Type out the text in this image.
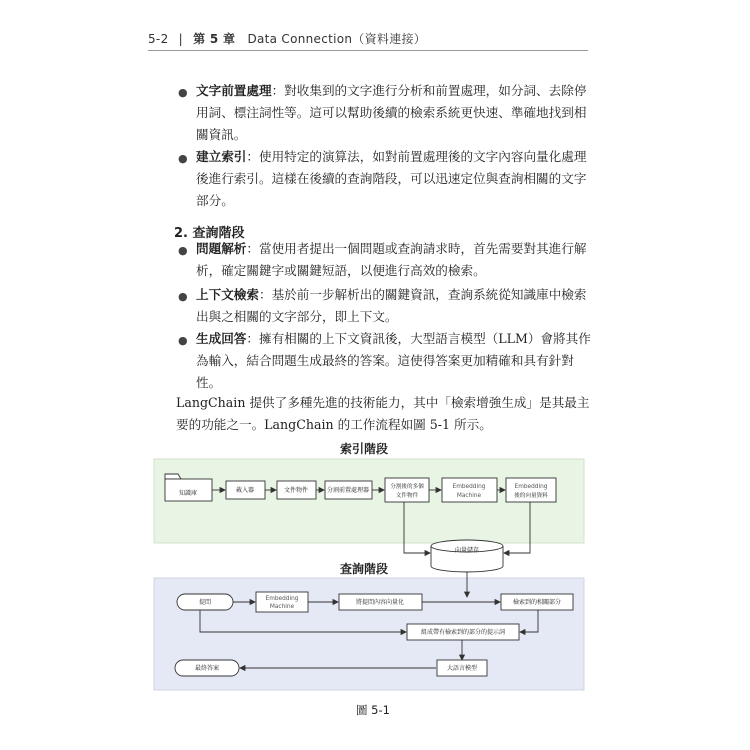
5-2 | 第 5 章 Data Connection（資料連接）
● 文字前置處理：對收集到的文字進行分析和前置處理，如分詞、去除停用詞、標注詞性等。這可以幫助後續的檢索系統更快速、準確地找到相關資訊。
● 建立索引：使用特定的演算法，如對前置處理後的文字內容向量化處理後進行索引。這樣在後續的查詢階段，可以迅速定位與查詢相關的文字部分。
2. 查詢階段
● 問題解析：當使用者提出一個問題或查詢請求時，首先需要對其進行解析，確定關鍵字或關鍵短語，以便進行高效的檢索。
● 上下文檢索：基於前一步解析出的關鍵資訊，查詢系統從知識庫中檢索出與之相關的文字部分，即上下文。
● 生成回答：擁有相關的上下文資訊後，大型語言模型（LLM）會將其作為輸入，結合問題生成最終的答案。這使得答案更加精確和具有針對性。
LangChain 提供了多種先進的技術能力，其中「檢索增強生成」是其最主要的功能之一。LangChain 的工作流程如圖 5-1 所示。
索引階段
查詢階段
知識庫	載入器	文件物件	分割前置處理器	分割後的多個
文件物件
Embedding
Machine
Embedding
後的向量資料
向量儲存
提問	Embedding
Machine
將提問內容向量化	檢索到的相關部分
組成帶有檢索到的部分的提示詞
大語言模型
最終答案
圖 5-1
